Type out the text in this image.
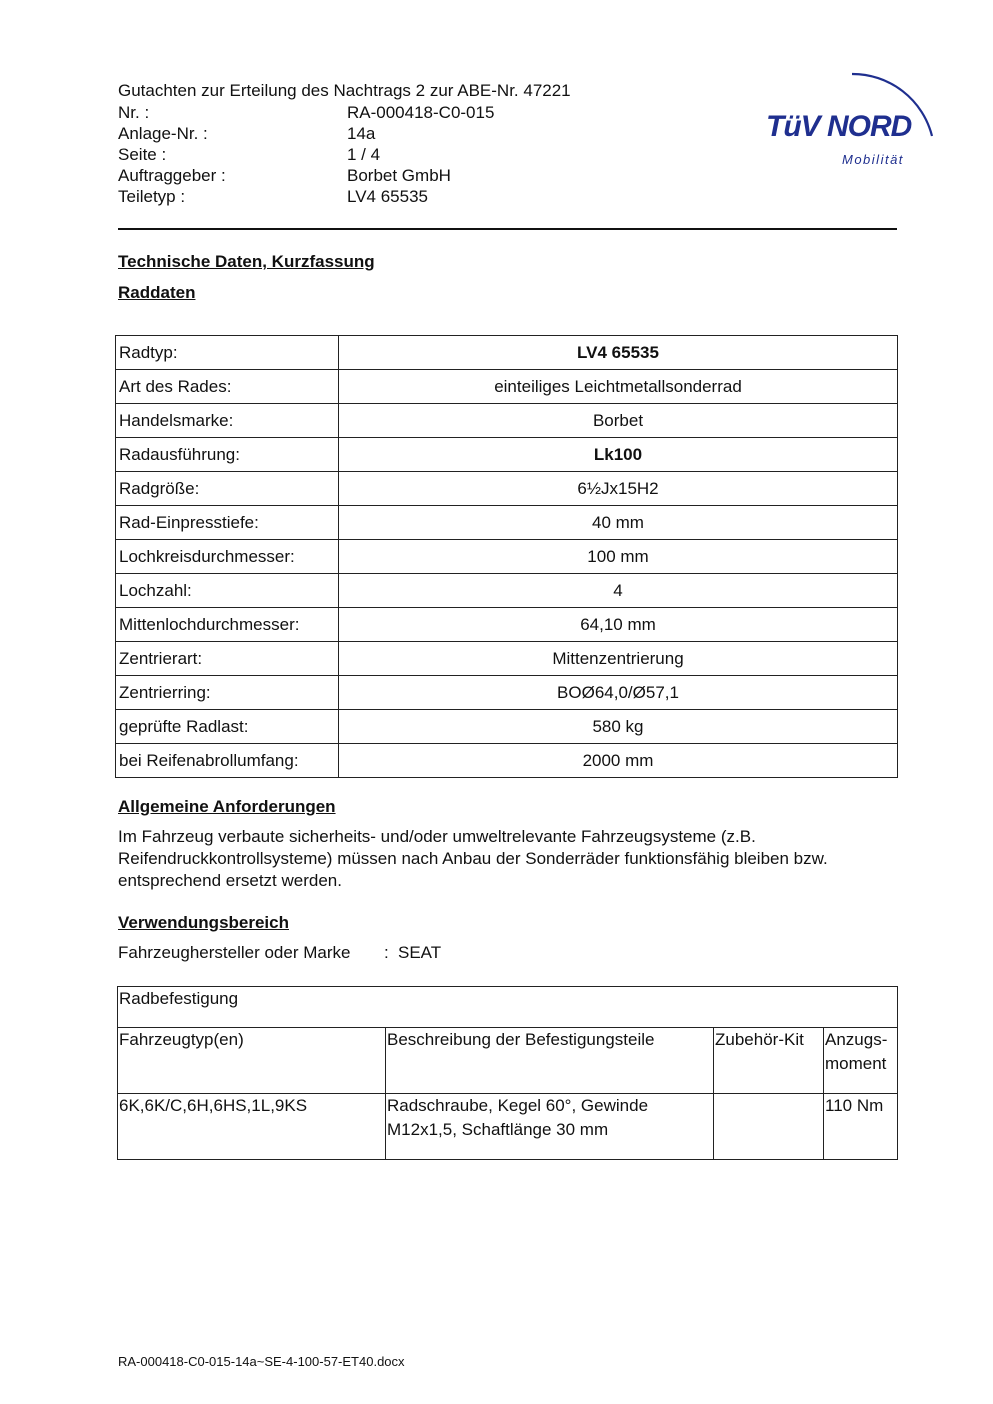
Gutachten zur Erteilung des Nachtrags 2 zur ABE-Nr. 47221
Nr. :	RA-000418-C0-015
Anlage-Nr. :	14a
Seite :	1 / 4
Auftraggeber :	Borbet GmbH
Teiletyp :	LV4 65535
TüV NORD
Mobilität
Technische Daten, Kurzfassung
Raddaten
Radtyp:	LV4 65535
Art des Rades:	einteiliges Leichtmetallsonderrad
Handelsmarke:	Borbet
Radausführung:	Lk100
Radgröße:	6½Jx15H2
Rad-Einpresstiefe:	40 mm
Lochkreisdurchmesser:	100 mm
Lochzahl:	4
Mittenlochdurchmesser:	64,10 mm
Zentrierart:	Mittenzentrierung
Zentrierring:	BOØ64,0/Ø57,1
geprüfte Radlast:	580 kg
bei Reifenabrollumfang:	2000 mm
Allgemeine Anforderungen
Im Fahrzeug verbaute sicherheits- und/oder umweltrelevante Fahrzeugsysteme (z.B. Reifendruckkontrollsysteme) müssen nach Anbau der Sonderräder funktionsfähig bleiben bzw. entsprechend ersetzt werden.
Verwendungsbereich
Fahrzeughersteller oder Marke : SEAT
Radbefestigung			
Fahrzeugtyp(en)	Beschreibung der Befestigungsteile	Zubehör-Kit	Anzugs-
moment
6K,6K/C,6H,6HS,1L,9KS	Radschraube, Kegel 60°, Gewinde M12x1,5, Schaftlänge 30 mm		110 Nm
RA-000418-C0-015-14a~SE-4-100-57-ET40.docx
